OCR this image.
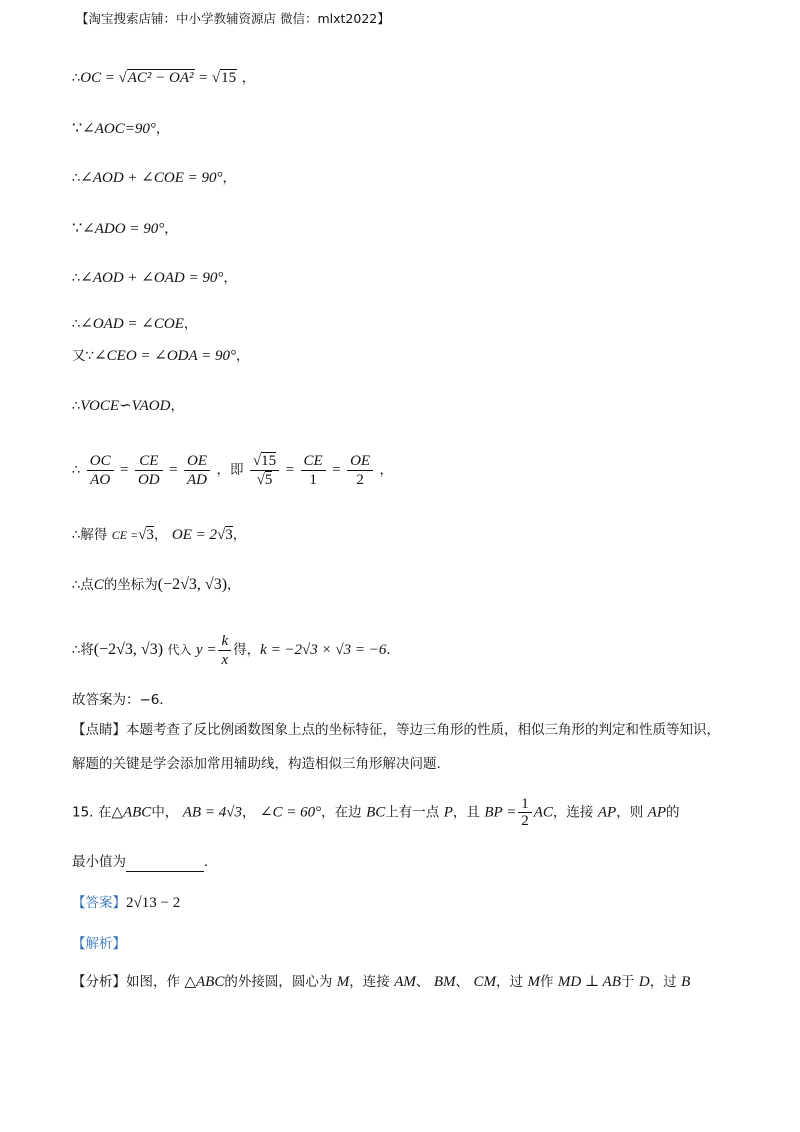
【淘宝搜索店铺：中小学教辅资源店 微信：mlxt2022】
∴OC = √AC² − OA² = √15 ，
∵∠AOC=90°，
∴∠AOD + ∠COE = 90°，
∵∠ADO = 90°，
∴∠AOD + ∠OAD = 90°，
∴∠OAD = ∠COE，
又∵∠CEO = ∠ODA = 90°，
∴VOCE∽VAOD，
∴ $\frac{OC}{AO} = \frac{CE}{OD} = \frac{OE}{AD}$ ，即 $\frac{√15}{√5} = \frac{CE}{1} = \frac{OE}{2}$ ，
∴解得 CE =√3， OE = 2√3，
∴点C的坐标为(−2√3, √3)，
∴将(−2√3, √3) 代入 $y = \frac{k}{x}$ 得，k = −2√3 × √3 = −6.
故答案为：−6．
【点睛】本题考查了反比例函数图象上点的坐标特征，等边三角形的性质，相似三角形的判定和性质等知识，解题的关键是学会添加常用辅助线，构造相似三角形解决问题.
15. 在△ABC中， AB = 4√3， ∠C = 60°，在边 BC上有一点 P，且 BP = $\frac{1}{2}$ AC，连接 AP，则 AP的
最小值为	．
【答案】2√13 − 2
【解析】
【分析】如图，作 △ABC的外接圆，圆心为 M，连接 AM、 BM、 CM，过 M作 MD ⊥ AB于 D，过 B
